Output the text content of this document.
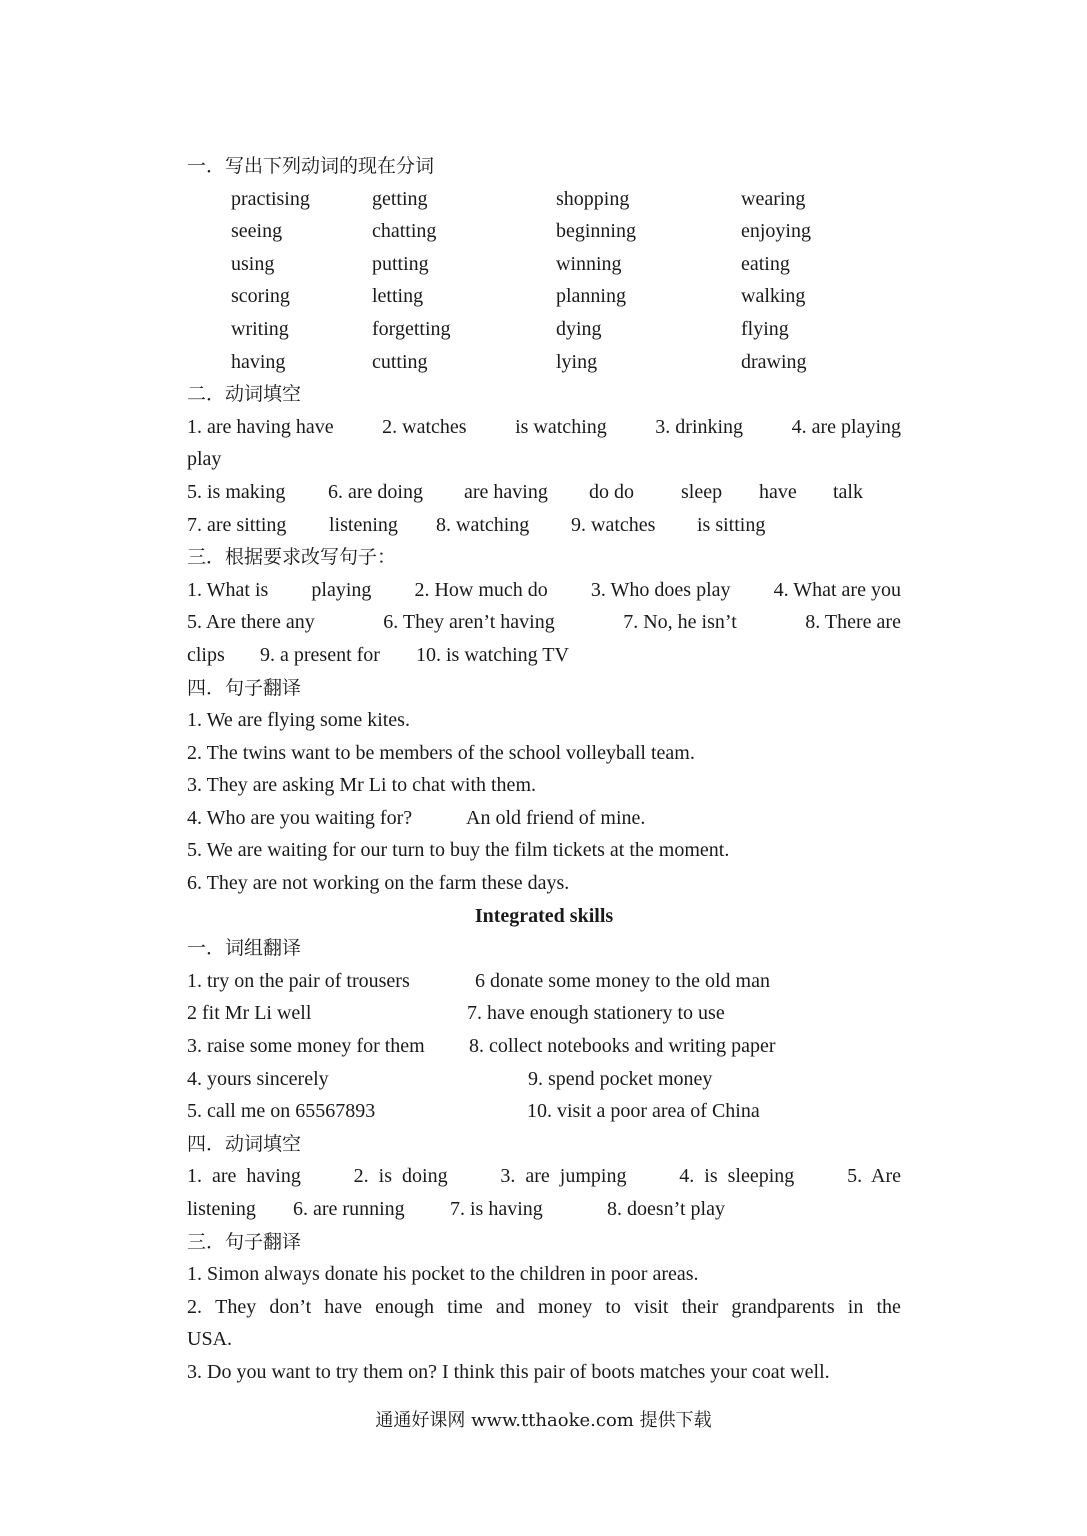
一．写出下列动词的现在分词
practising	getting	shopping	wearing
seeing	chatting	beginning	enjoying
using	putting	winning	eating
scoring	letting	planning	walking
writing	forgetting	dying	flying
having	cutting	lying	drawing
二．动词填空
1. are having have 2. watches is watching 3. drinking 4. are playing
play
5. is making 6. are doing are having do do sleep have talk
7. are sitting listening 8. watching 9. watches is sitting
三．根据要求改写句子：
1. What is playing 2. How much do 3. Who does play 4. What are you
5. Are there any	6. They aren’t having	7. No, he isn’t	8. There are
clips 9. a present for 10. is watching TV
四．句子翻译
1. We are flying some kites.
2. The twins want to be members of the school volleyball team.
3. They are asking Mr Li to chat with them.
4. Who are you waiting for?	An old friend of mine.
5. We are waiting for our turn to buy the film tickets at the moment.
6. They are not working on the farm these days.
Integrated skills
一．词组翻译
1. try on the pair of trousers	6 donate some money to the old man
2 fit Mr Li well	7. have enough stationery to use
3. raise some money for them 8. collect notebooks and writing paper
4. yours sincerely	9. spend pocket money
5. call me on 65567893	10. visit a poor area of China
四．动词填空
1.  are  having	2.  is  doing	3.  are  jumping	4.  is  sleeping	5.  Are
listening 6. are running 7. is having	8. doesn’t play
三．句子翻译
1. Simon always donate his pocket to the children in poor areas.
2. They don’t have enough time and money to visit their grandparents in the
USA.
3. Do you want to try them on? I think this pair of boots matches your coat well.
通通好课网 www.tthaoke.com 提供下载
